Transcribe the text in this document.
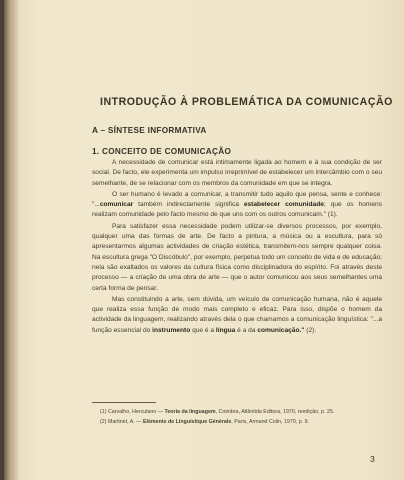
INTRODUÇÃO À PROBLEMÁTICA DA COMUNICAÇÃO
A – SÍNTESE INFORMATIVA
1. CONCEITO DE COMUNICAÇÃO

A necessidade de comunicar está intimamente ligada ao homem e à sua condição de ser social. De facto, ele experimenta um impulso irreprimível de estabelecer um intercâmbio com o seu semelhante, de se relacionar com os membros da comunidade em que se integra.

O ser humano é levado a comunicar, a transmitir tudo aquilo que pensa, sente e conhece: "...comunicar também indirectamente significa estabelecer comunidade; que os homens realizam comunidade pelo facto mesmo de que uns com os outros comunicam." (1).

Para satisfazer essa necessidade podem utilizar-se diversos processos, por exemplo, qualquer uma das formas de arte. De facto a pintura, a música ou a escultura, para só apresentarmos algumas actividades de criação estética, transmitem-nos sempre qualquer coisa. Na escultura grega "O Discóbulo", por exemplo, perpetua todo um conceito de vida e de educação; nela são exaltados os valores da cultura física como disciplinadora do espírito. Foi através deste processo — a criação de uma obra de arte — que o autor comunicou aos seus semelhantes uma certa forma de pensar.

Mas constituindo a arte, sem dúvida, um veículo de comunicação humana, não é aquele que realiza essa função de modo mais completo e eficaz. Para isso, dispõe o homem da actividade da linguagem, realizando através dela o que chamamos a comunicação linguística: "...a função essencial do instrumento que é a língua é a da comunicação." (2).

(1) Carvalho, Herculano — Teoria da linguagem, Coimbra, Atlântida Editora, 1970, reedição, p. 25.

(2) Martinet, A. — Eléments de Linguistique Générale, Paris, Armand Colin, 1970, p. 9.

3
